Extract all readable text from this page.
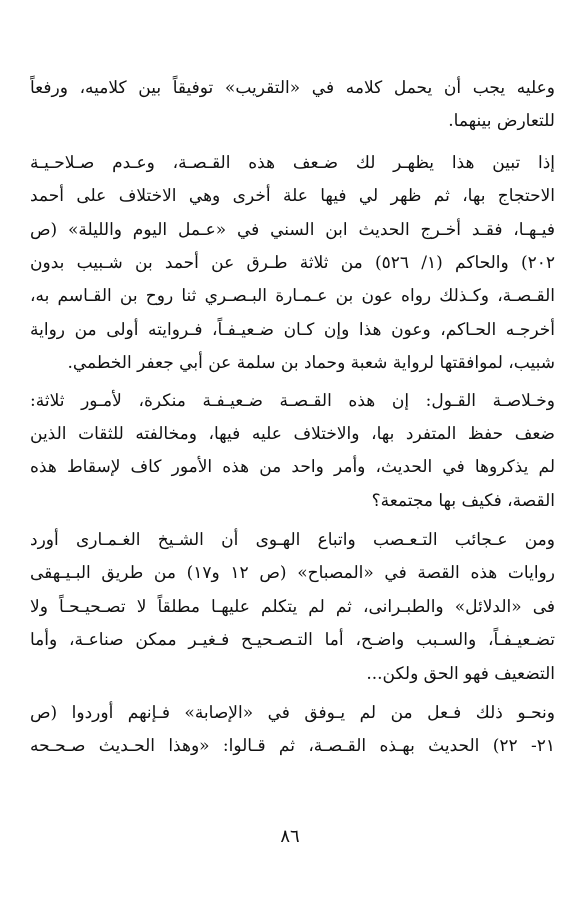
وعليه يجب أن يحمل كلامه في «التقريب» توفيقاً بين كلاميه، ورفعاً
للتعارض بينهما.

إذا تبين هذا يظهـر لك ضـعف هذه القـصـة، وعـدم صـلاحـيـة
الاحتجاج بها، ثم ظهر لي فيها علة أخرى وهي الاختلاف على أحمد
فيـهـا، فقـد أخـرج الحديث ابن السني في «عـمل اليوم والليلة» (ص
٢٠٢) والحاكم (١/ ٥٢٦) من ثلاثة طـرق عن أحمد بن شـبيب بدون
القـصـة، وكـذلك رواه عون بن عـمـارة البـصـري ثنا روح بن القـاسم به،
أخرجـه الحـاكم، وعون هذا وإن كـان ضـعيـفـاً، فـروايته أولى من رواية
شبيب، لموافقتها لرواية شعبة وحماد بن سلمة عن أبي جعفر الخطمي.

وخـلاصـة القـول: إن هذه القـصـة ضـعيـفـة منكرة، لأمـور ثلاثة:
ضعف حفظ المتفرد بها، والاختلاف عليه فيها، ومخالفته للثقات الذين
لم يذكروها في الحديث، وأمر واحد من هذه الأمور كاف لإسقاط هذه
القصة، فكيف بها مجتمعة؟

ومن عـجائب التـعـصب واتباع الهـوى أن الشـيخ الغـمـارى أورد
روايات هذه القصة في «المصباح» (ص ١٢ و١٧) من طريق البـيـهقى
فى «الدلائل» والطبـرانى، ثم لم يتكلم عليهـا مطلقاً لا تصـحيـحـاً ولا
تضـعيـفـاً، والسـبب واضـح، أما التـصـحيـح فـغيـر ممكن صناعـة، وأما
التضعيف فهو الحق ولكن...

ونحـو ذلك فـعل من لم يـوفق في «الإصابة» فـإنهم أوردوا (ص
٢١- ٢٢) الحديث بهـذه القـصـة، ثم قـالوا: «وهذا الحـديث صـحـحه

٨٦
